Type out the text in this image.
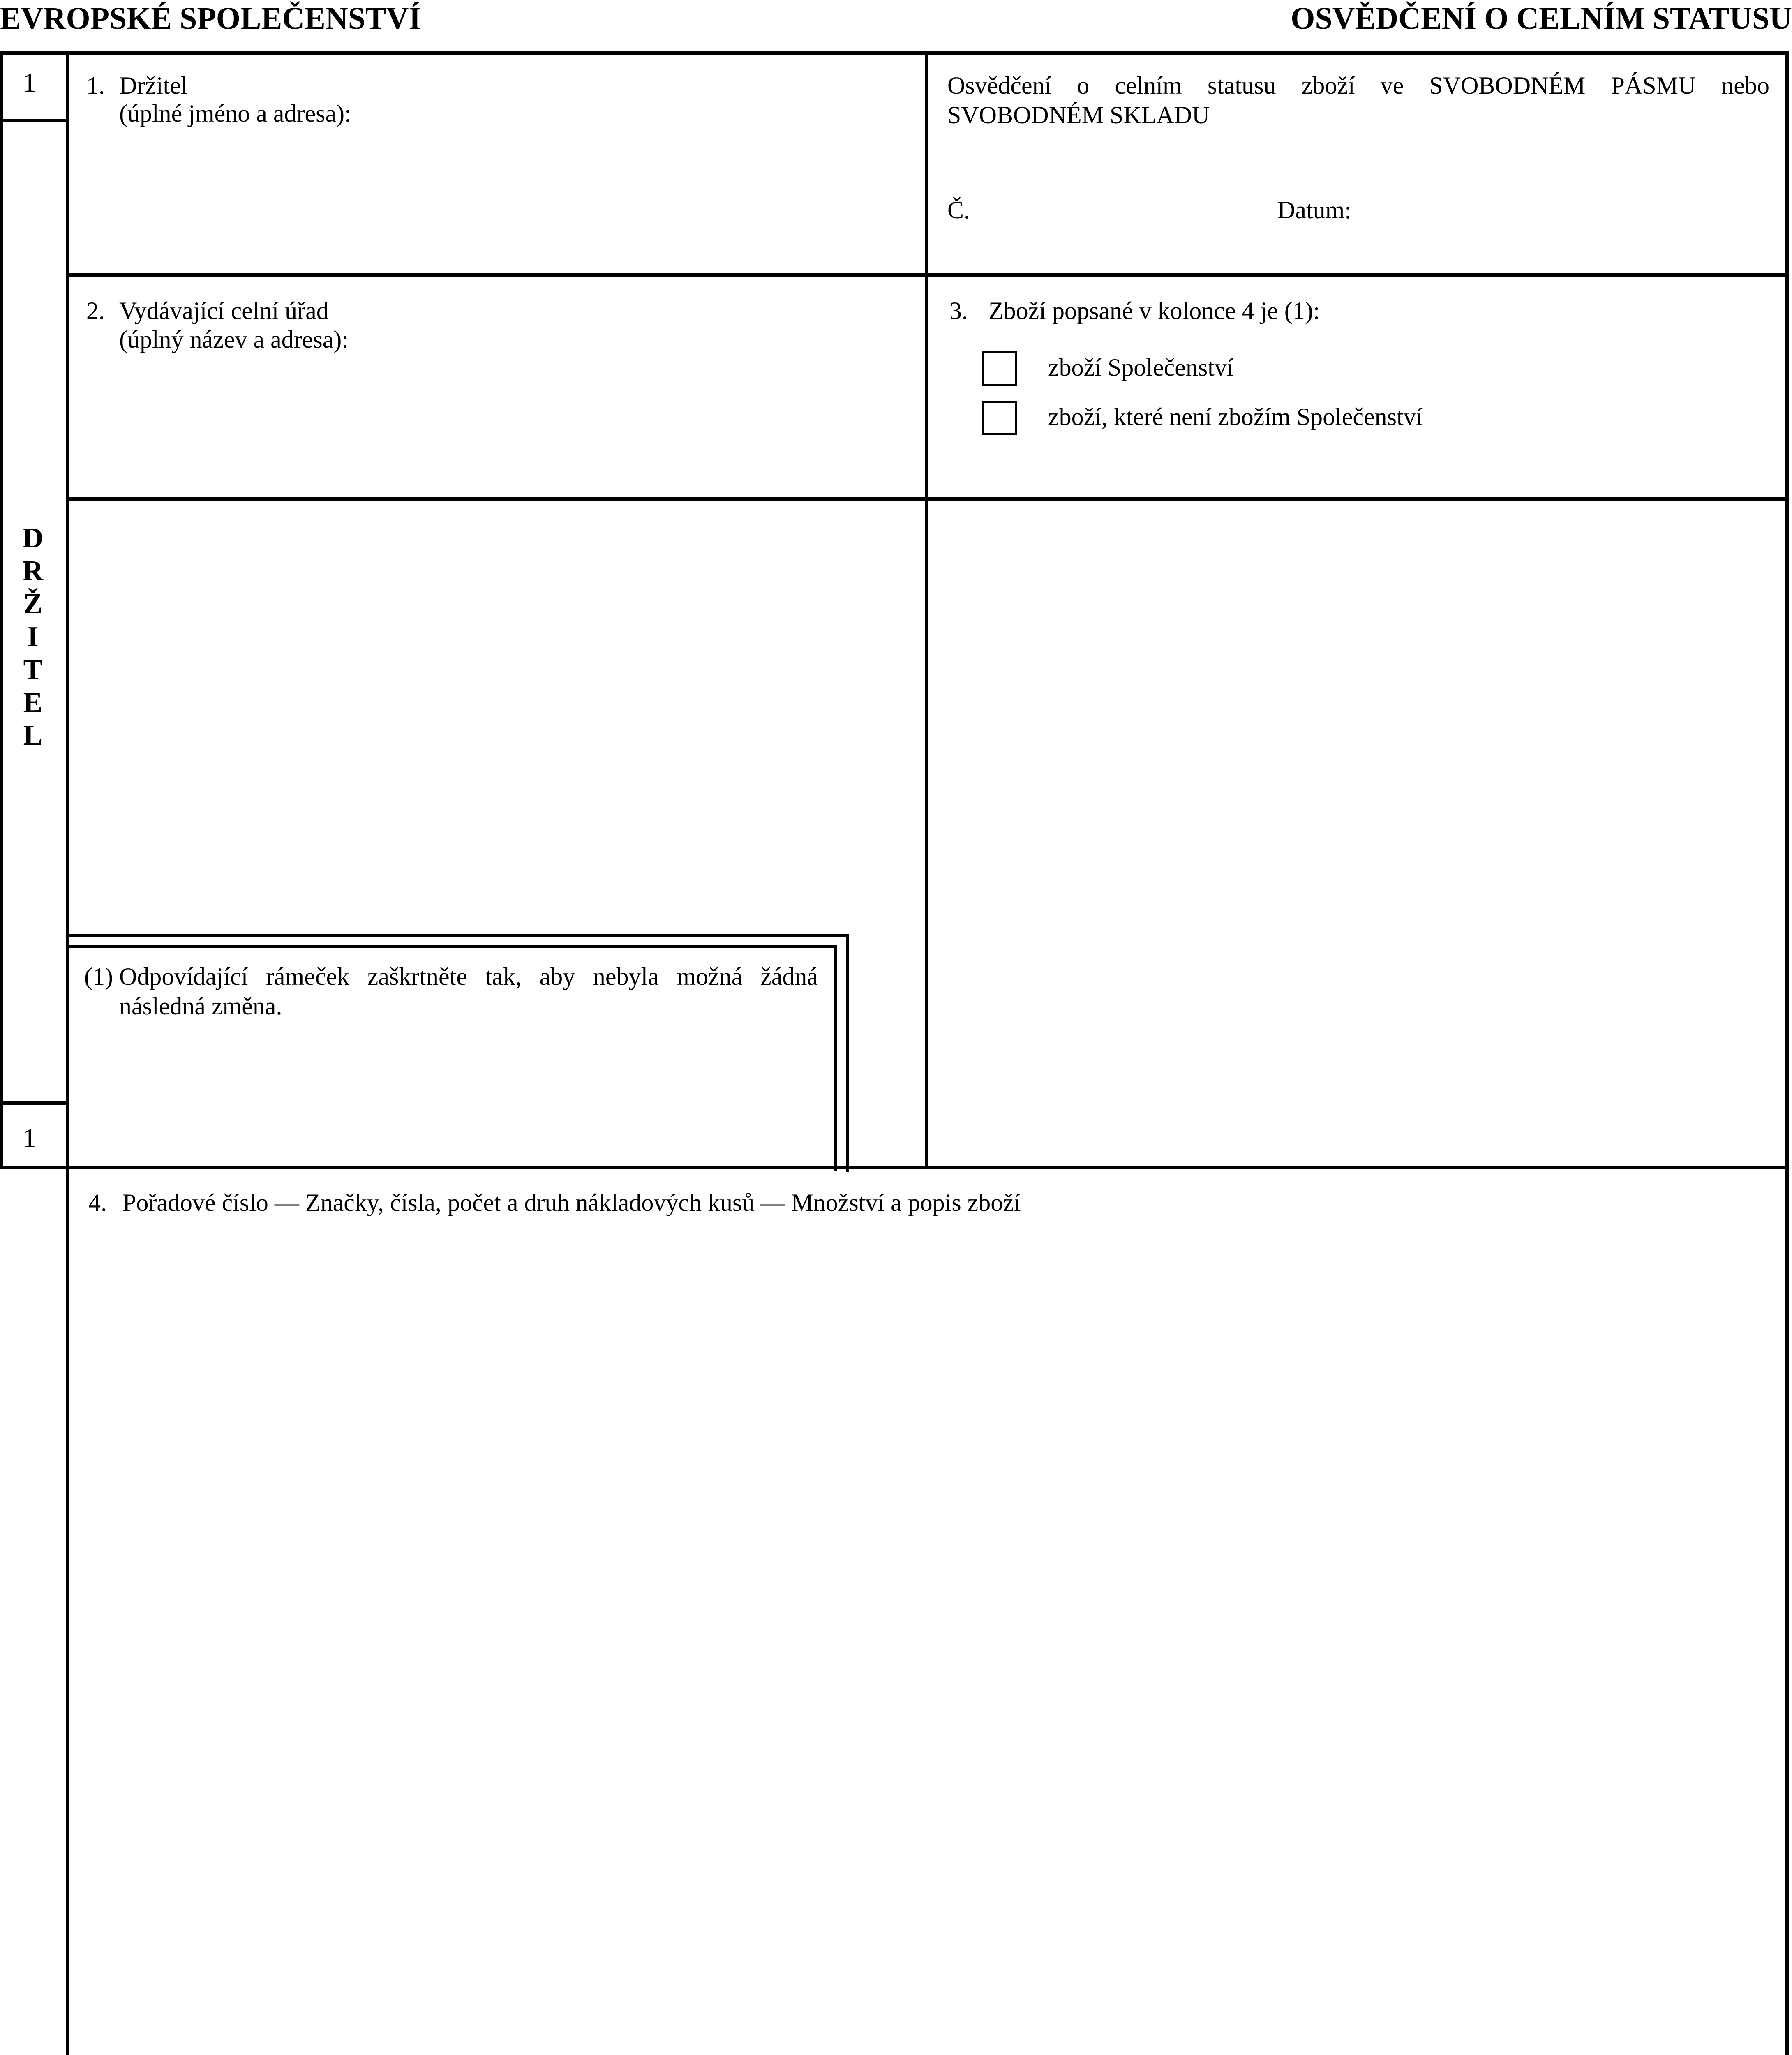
EVROPSKÉ SPOLEČENSTVÍ	OSVĚDČENÍ O CELNÍM STATUSU
1
1
D
R
Ž
I
T
E
L
1. Držitel
(úplné jméno a adresa):
Osvědčení o celním statusu zboží ve SVOBODNÉM PÁSMU nebo SVOBODNÉM SKLADU
Č.	Datum:
2. Vydávající celní úřad
(úplný název a adresa):
3. Zboží popsané v kolonce 4 je (1):
zboží Společenství
zboží, které není zbožím Společenství
(1) Odpovídající rámeček zaškrtněte tak, aby nebyla možná žádná následná změna.
4. Pořadové číslo — Značky, čísla, počet a druh nákladových kusů — Množství a popis zboží
